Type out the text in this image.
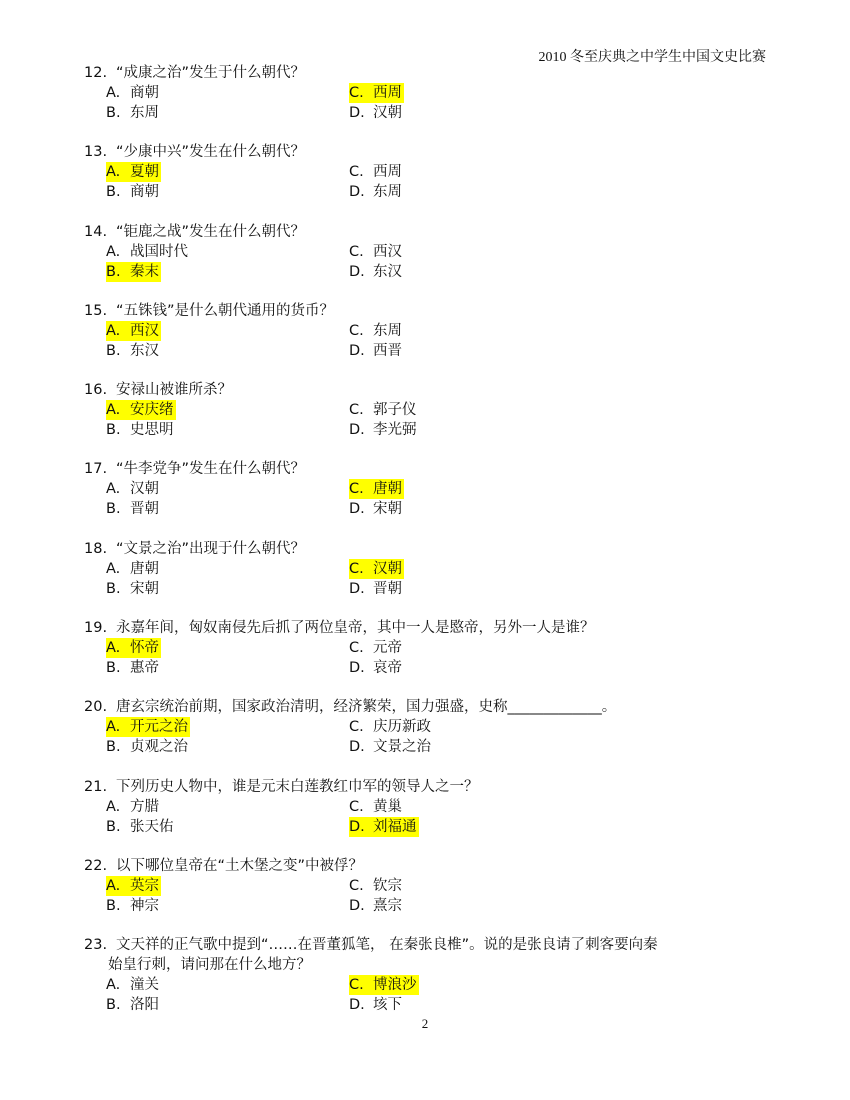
2010 冬至庆典之中学生中国文史比赛
12. “成康之治”发生于什么朝代？
A. 商朝	C. 西周
B. 东周	D. 汉朝
13. “少康中兴”发生在什么朝代？
A. 夏朝	C. 西周
B. 商朝	D. 东周
14. “钜鹿之战”发生在什么朝代？
A. 战国时代	C. 西汉
B. 秦末	D. 东汉
15. “五铢钱”是什么朝代通用的货币？
A. 西汉	C. 东周
B. 东汉	D. 西晋
16. 安禄山被谁所杀？
A. 安庆绪	C. 郭子仪
B. 史思明	D. 李光弼
17. “牛李党争”发生在什么朝代？
A. 汉朝	C. 唐朝
B. 晋朝	D. 宋朝
18. “文景之治”出现于什么朝代？
A. 唐朝	C. 汉朝
B. 宋朝	D. 晋朝
19. 永嘉年间，匈奴南侵先后抓了两位皇帝，其中一人是愍帝，另外一人是谁？
A. 怀帝	C. 元帝
B. 惠帝	D. 哀帝
20. 唐玄宗统治前期，国家政治清明，经济繁荣，国力强盛，史称_____________。
A. 开元之治	C. 庆历新政
B. 贞观之治	D. 文景之治
21. 下列历史人物中，谁是元末白莲教红巾军的领导人之一？
A. 方腊	C. 黄巢
B. 张天佑	D. 刘福通
22. 以下哪位皇帝在“土木堡之变”中被俘？
A. 英宗	C. 钦宗
B. 神宗	D. 熹宗
23. 文天祥的正气歌中提到“……在晋董狐笔， 在秦张良椎”。说的是张良请了刺客要向秦
始皇行刺，请问那在什么地方？
A. 潼关	C. 博浪沙
B. 洛阳	D. 垓下
2
